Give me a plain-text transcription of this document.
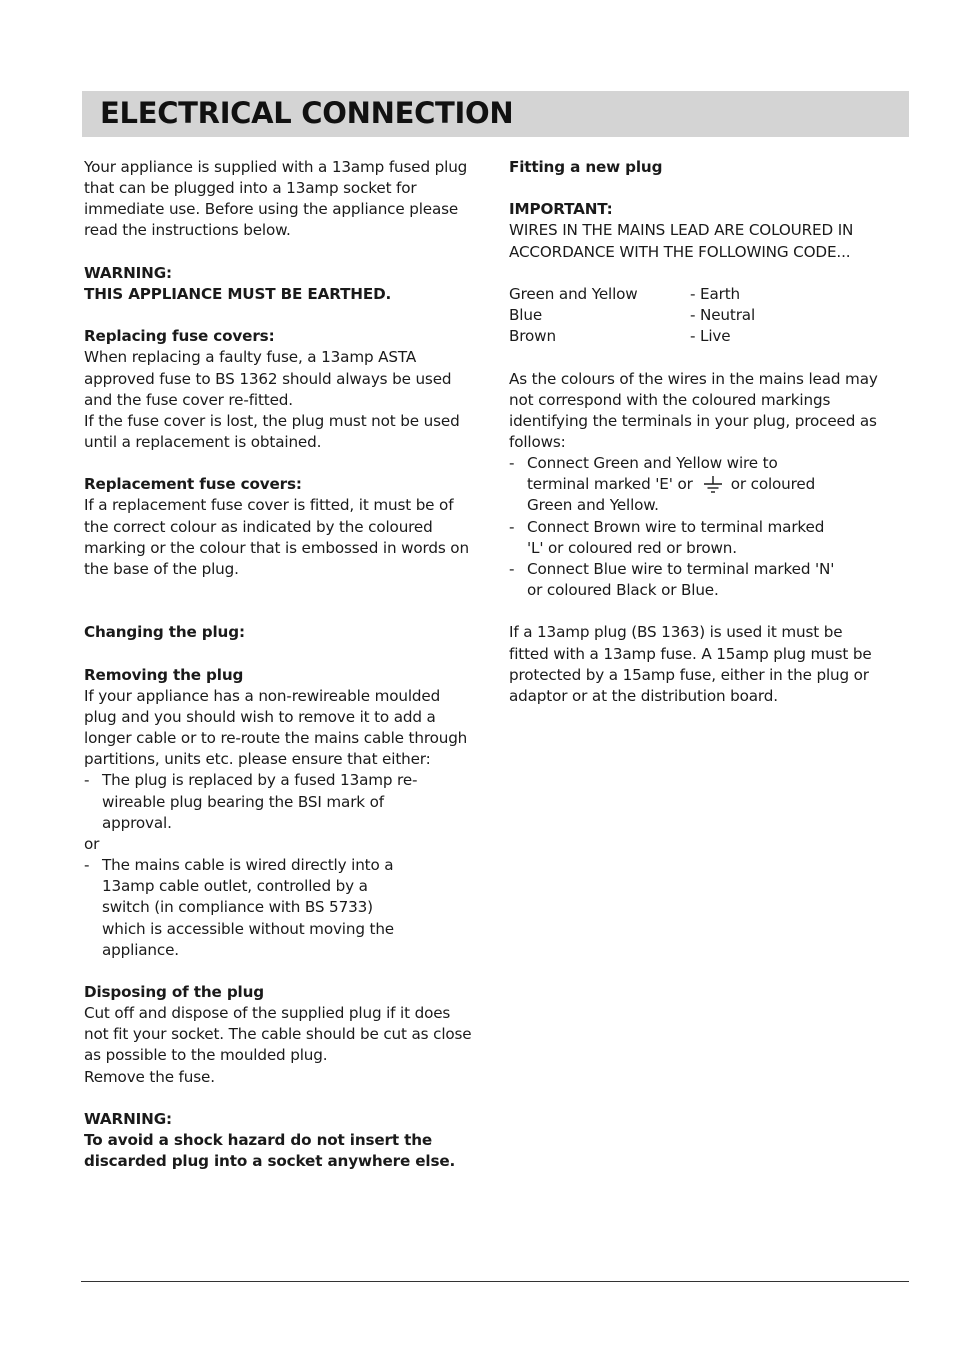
ELECTRICAL CONNECTION
Your appliance is supplied with a 13amp fused plug
that can be plugged into a 13amp socket for
immediate use. Before using the appliance please
read the instructions below.
WARNING:
THIS APPLIANCE MUST BE EARTHED.
Replacing fuse covers:
When replacing a faulty fuse, a 13amp ASTA
approved fuse to BS 1362 should always be used
and the fuse cover re-fitted.
If the fuse cover is lost, the plug must not be used
until a replacement is obtained.
Replacement fuse covers:
If a replacement fuse cover is fitted, it must be of
the correct colour as indicated by the coloured
marking or the colour that is embossed in words on
the base of the plug.
Changing the plug:
Removing the plug
If your appliance has a non-rewireable moulded
plug and you should wish to remove it to add a
longer cable or to re-route the mains cable through
partitions, units etc. please ensure that either:
- The plug is replaced by a fused 13amp re-
wireable plug bearing the BSI mark of
approval.
or
- The mains cable is wired directly into a
13amp cable outlet, controlled by a
switch (in compliance with BS 5733)
which is accessible without moving the
appliance.
Disposing of the plug
Cut off and dispose of the supplied plug if it does
not fit your socket. The cable should be cut as close
as possible to the moulded plug.
Remove the fuse.
WARNING:
To avoid a shock hazard do not insert the
discarded plug into a socket anywhere else.
Fitting a new plug
IMPORTANT:
WIRES IN THE MAINS LEAD ARE COLOURED IN
ACCORDANCE WITH THE FOLLOWING CODE...
Green and Yellow	- Earth
Blue	- Neutral
Brown	- Live
As the colours of the wires in the mains lead may
not correspond with the coloured markings
identifying the terminals in your plug, proceed as
follows:
- Connect Green and Yellow wire to
terminal marked 'E' or	or coloured
Green and Yellow.
- Connect Brown wire to terminal marked
'L' or coloured red or brown.
- Connect Blue wire to terminal marked 'N'
or coloured Black or Blue.
If a 13amp plug (BS 1363) is used it must be
fitted with a 13amp fuse. A 15amp plug must be
protected by a 15amp fuse, either in the plug or
adaptor or at the distribution board.
